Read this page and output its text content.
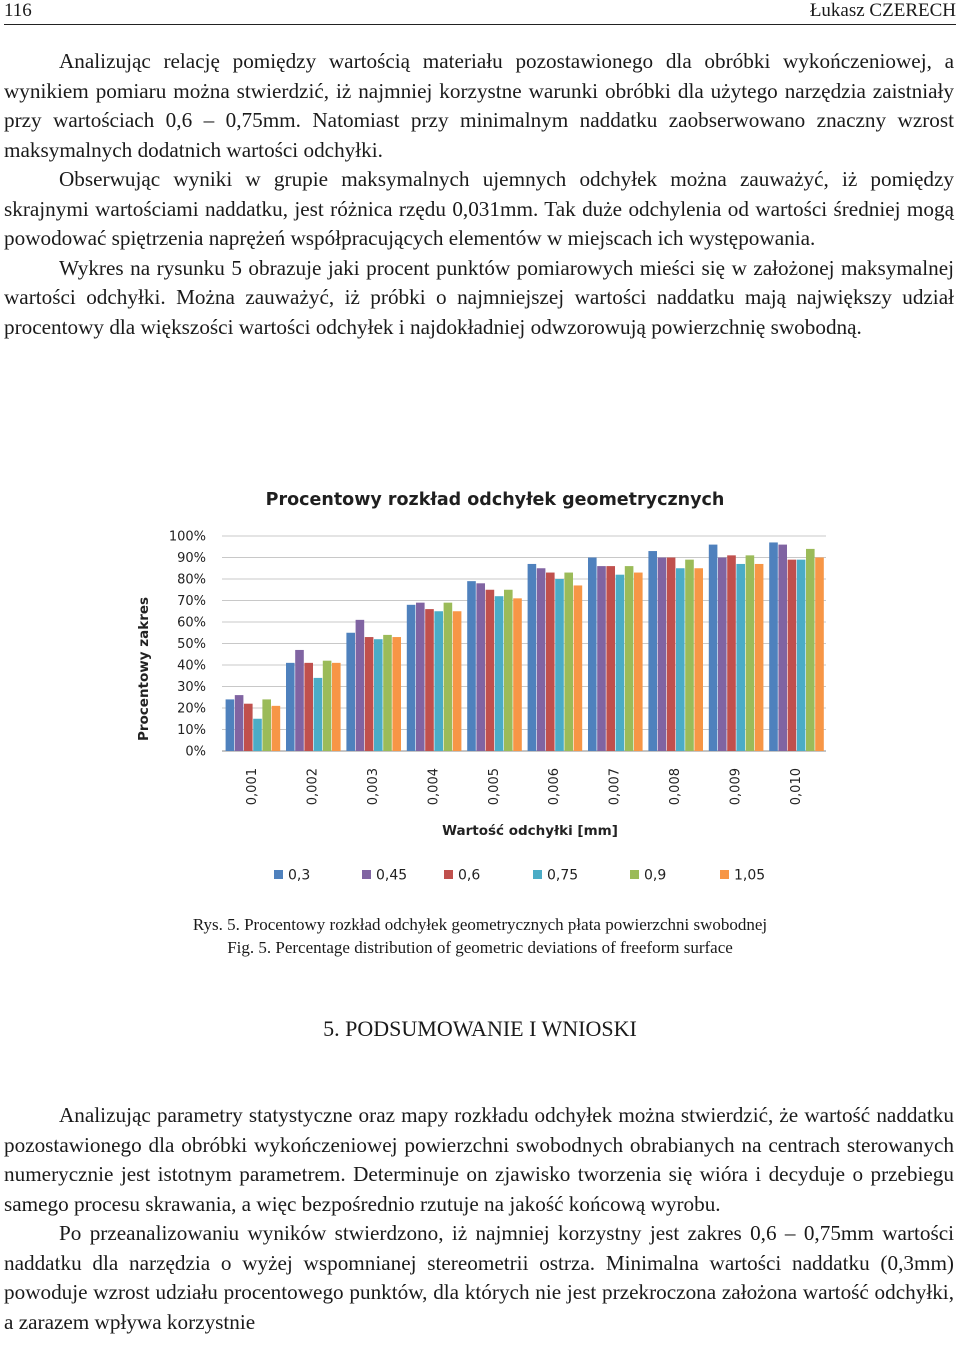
116	Łukasz CZERECH

Analizując relację pomiędzy wartością materiału pozostawionego dla obróbki wykończeniowej, a wynikiem pomiaru można stwierdzić, iż najmniej korzystne warunki obróbki dla użytego narzędzia zaistniały przy wartościach 0,6 – 0,75mm. Natomiast przy minimalnym naddatku zaobserwowano znaczny wzrost maksymalnych dodatnich wartości odchyłki.

Obserwując wyniki w grupie maksymalnych ujemnych odchyłek można zauważyć, iż pomiędzy skrajnymi wartościami naddatku, jest różnica rzędu 0,031mm. Tak duże odchylenia od wartości średniej mogą powodować spiętrzenia naprężeń współpracujących elementów w miejscach ich występowania.

Wykres na rysunku 5 obrazuje jaki procent punktów pomiarowych mieści się w założonej maksymalnej wartości odchyłki. Można zauważyć, iż próbki o najmniejszej wartości naddatku mają największy udział procentowy dla większości wartości odchyłek i najdokładniej odwzorowują powierzchnię swobodną.

Procentowy rozkład odchyłek geometrycznych
Procentowy zakres
Wartość odchyłki [mm]
0%
10%
20%
30%
40%
50%
60%
70%
80%
90%
100%
0,001	0,002	0,003	0,004	0,005	0,006	0,007	0,008	0,009	0,010
0,3	0,45	0,6	0,75	0,9	1,05
Rys. 5. Procentowy rozkład odchyłek geometrycznych płata powierzchni swobodnej
Fig. 5. Percentage distribution of geometric deviations of freeform surface
5. PODSUMOWANIE I WNIOSKI

Analizując parametry statystyczne oraz mapy rozkładu odchyłek można stwierdzić, że wartość naddatku pozostawionego dla obróbki wykończeniowej powierzchni swobodnych obrabianych na centrach sterowanych numerycznie jest istotnym parametrem. Determinuje on zjawisko tworzenia się wióra i decyduje o przebiegu samego procesu skrawania, a więc bezpośrednio rzutuje na jakość końcową wyrobu.

Po przeanalizowaniu wyników stwierdzono, iż najmniej korzystny jest zakres 0,6 – 0,75mm wartości naddatku dla narzędzia o wyżej wspomnianej stereometrii ostrza. Minimalna wartości naddatku (0,3mm) powoduje wzrost udziału procentowego punktów, dla których nie jest przekroczona założona wartość odchyłki, a zarazem wpływa korzystnie
